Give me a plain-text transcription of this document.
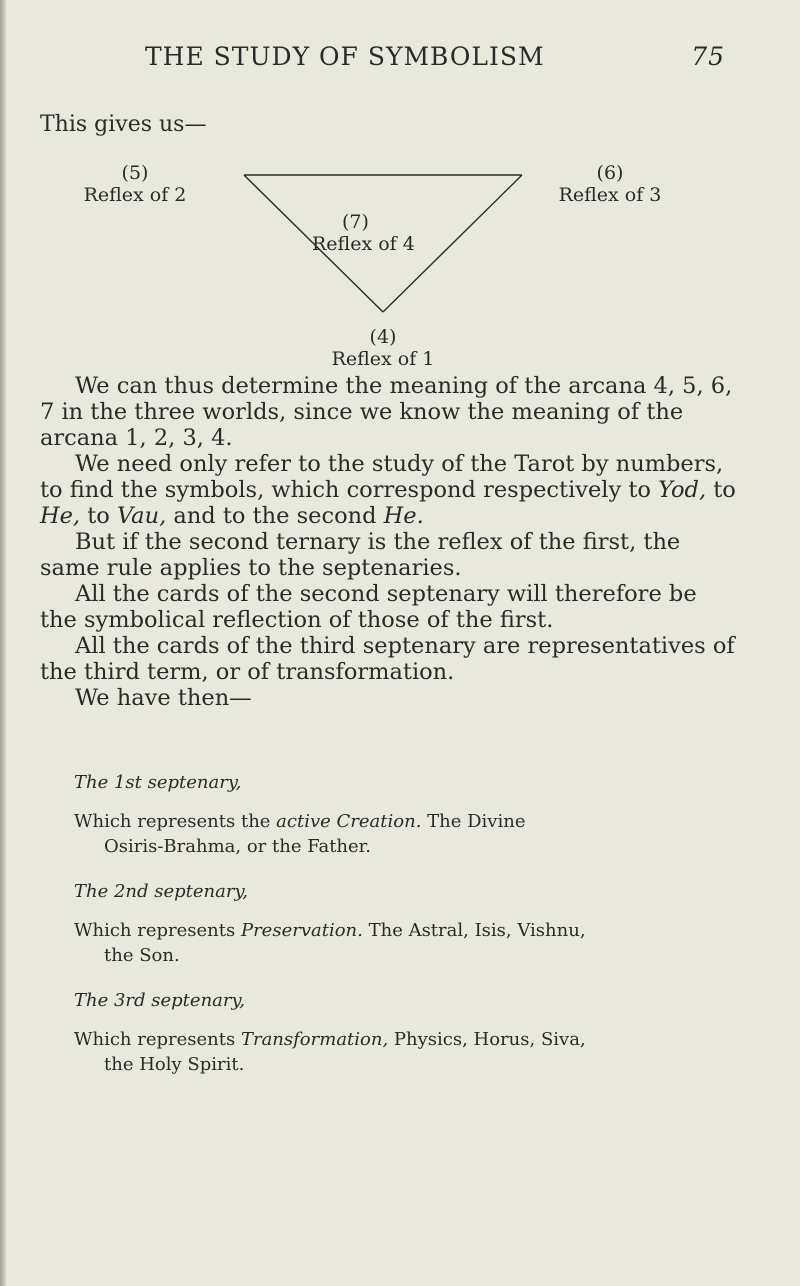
THE STUDY OF SYMBOLISM	75
This gives us—
(5)
Reflex of 2
(6)
Reflex of 3
(7)
Reflex of 4
(4)
Reflex of 1

We can thus determine the meaning of the arcana 4, 5, 6, 7 in the three worlds, since we know the meaning of the arcana 1, 2, 3, 4.

We need only refer to the study of the Tarot by numbers, to find the symbols, which correspond respectively to Yod, to He, to Vau, and to the second He.

But if the second ternary is the reflex of the first, the same rule applies to the septenaries.

All the cards of the second septenary will therefore be the symbolical reflection of those of the first.

All the cards of the third septenary are representatives of the third term, or of transformation.

We have then—

The 1st septenary,
Which represents the active Creation. The Divine
Osiris-Brahma, or the Father.
The 2nd septenary,
Which represents Preservation. The Astral, Isis, Vishnu,
the Son.
The 3rd septenary,
Which represents Transformation, Physics, Horus, Siva,
the Holy Spirit.
